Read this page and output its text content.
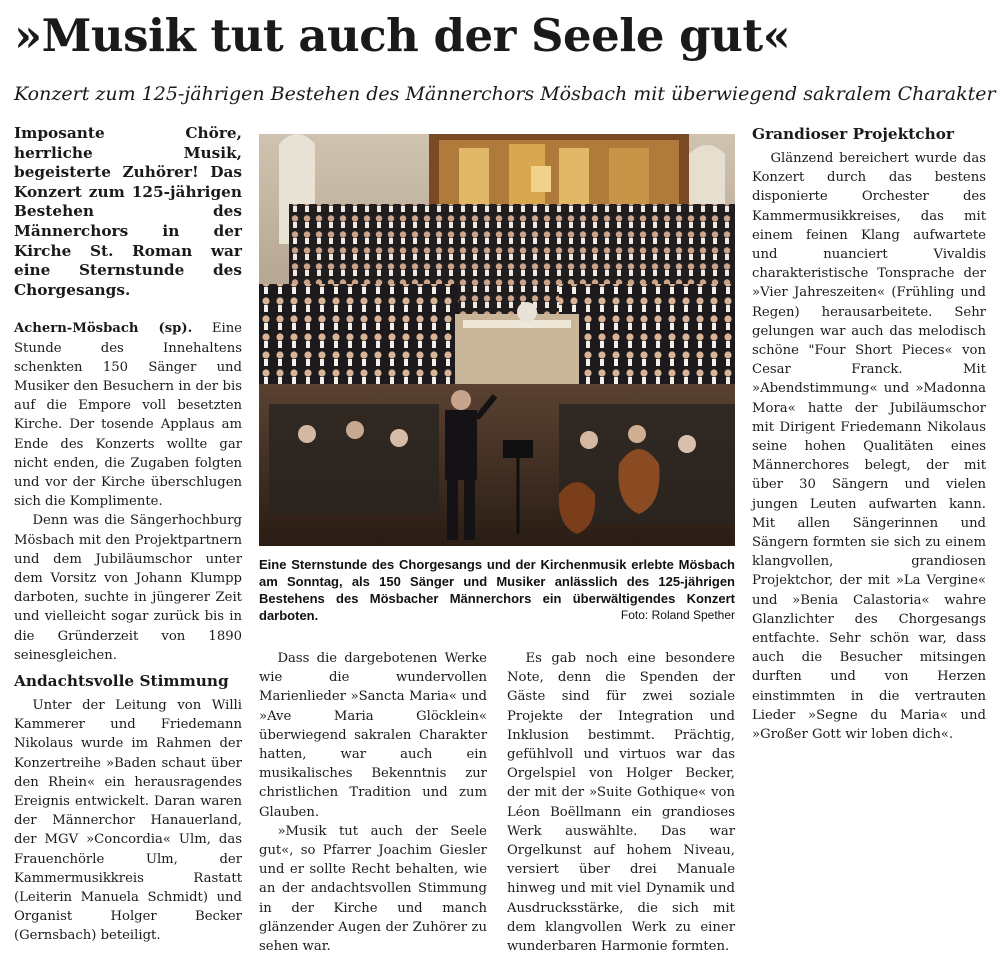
»Musik tut auch der Seele gut«
Konzert zum 125-jährigen Bestehen des Männerchors Mösbach mit überwiegend sakralem Charakter

Imposante Chöre, herrliche Musik, begeisterte Zuhörer! Das Konzert zum 125-jährigen Bestehen des Männerchors in der Kirche St. Roman war eine Sternstunde des Chorgesangs.

Achern-Mösbach (sp). Eine Stunde des Innehaltens schenkten 150 Sänger und Musiker den Besuchern in der bis auf die Empore voll besetzten Kirche. Der tosende Applaus am Ende des Konzerts wollte gar nicht enden, die Zugaben folgten und vor der Kirche überschlugen sich die Komplimente.

Denn was die Sängerhochburg Mösbach mit den Projektpartnern und dem Jubiläumschor unter dem Vorsitz von Johann Klumpp darboten, suchte in jüngerer Zeit und vielleicht sogar zurück bis in die Gründerzeit von 1890 seinesgleichen.

Andachtsvolle Stimmung

Unter der Leitung von Willi Kammerer und Friedemann Nikolaus wurde im Rahmen der Konzertreihe »Baden schaut über den Rhein« ein herausragendes Ereignis entwickelt. Daran waren der Männerchor Hanauerland, der MGV »Concordia« Ulm, das Frauenchörle Ulm, der Kammermusikkreis Rastatt (Leiterin Manuela Schmidt) und Organist Holger Becker (Gernsbach) beteiligt.

Eine Sternstunde des Chorgesangs und der Kirchenmusik erlebte Mösbach am Sonntag, als 150 Sänger und Musiker anlässlich des 125-jährigen Bestehens des Mösbacher Männerchors ein überwältigendes Konzert darboten.	Foto: Roland Spether

Dass die dargebotenen Werke wie die wundervollen Marienlieder »Sancta Maria« und »Ave Maria Glöcklein« überwiegend sakralen Charakter hatten, war auch ein musikalisches Bekenntnis zur christlichen Tradition und zum Glauben.

»Musik tut auch der Seele gut«, so Pfarrer Joachim Giesler und er sollte Recht behalten, wie an der andachtsvollen Stimmung in der Kirche und manch glänzender Augen der Zuhörer zu sehen war.

Es gab noch eine besondere Note, denn die Spenden der Gäste sind für zwei soziale Projekte der Integration und Inklusion bestimmt. Prächtig, gefühlvoll und virtuos war das Orgelspiel von Holger Becker, der mit der »Suite Gothique« von Léon Boëllmann ein grandioses Werk auswählte. Das war Orgelkunst auf hohem Niveau, versiert über drei Manuale hinweg und mit viel Dynamik und Ausdrucksstärke, die sich mit dem klangvollen Werk zu einer wunderbaren Harmonie formten.

Grandioser Projektchor

Glänzend bereichert wurde das Konzert durch das bestens disponierte Orchester des Kammermusikkreises, das mit einem feinen Klang aufwartete und nuanciert Vivaldis charakteristische Tonsprache der »Vier Jahreszeiten« (Frühling und Regen) herausarbeitete. Sehr gelungen war auch das melodisch schöne "Four Short Pieces« von Cesar Franck. Mit »Abendstimmung« und »Madonna Mora« hatte der Jubiläumschor mit Dirigent Friedemann Nikolaus seine hohen Qualitäten eines Männerchores belegt, der mit über 30 Sängern und vielen jungen Leuten aufwarten kann. Mit allen Sängerinnen und Sängern formten sie sich zu einem klangvollen, grandiosen Projektchor, der mit »La Vergine« und »Benia Calastoria« wahre Glanzlichter des Chorgesangs entfachte. Sehr schön war, dass auch die Besucher mitsingen durften und von Herzen einstimmten in die vertrauten Lieder »Segne du Maria« und »Großer Gott wir loben dich«.
